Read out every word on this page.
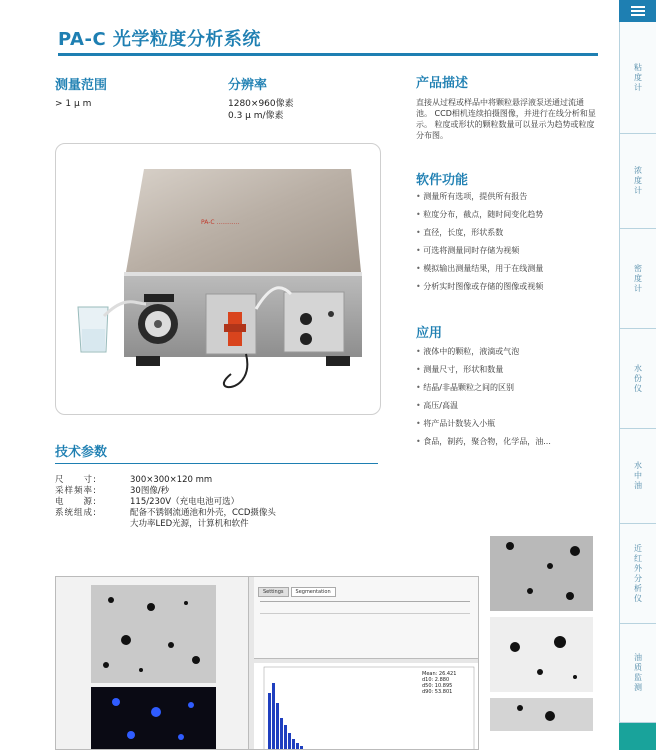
PA-C 光学粒度分析系统
测量范围
> 1 μ m
分辨率
1280×960像素
0.3 μ m/像素
PA-C ............
产品描述
直接从过程或样品中将颗粒悬浮液泵送通过流通池。 CCD相机连续拍摄图像，并进行在线分析和显示。 粒度或形状的颗粒数量可以显示为趋势或粒度分布图。
软件功能
• 测量所有选项，提供所有报告
• 粒度分布，截点，随时间变化趋势
• 直径，长度，形状系数
• 可选将测量同时存储为视频
• 模拟输出测量结果，用于在线测量
• 分析实时图像或存储的图像或视频
应用
• 液体中的颗粒，液滴或气泡
• 测量尺寸，形状和数量
• 结晶/非晶颗粒之间的区别
• 高压/高温
• 将产品计数装入小瓶
• 食品，制药，聚合物，化学品，油...
技术参数
尺　　寸:	300×300×120 mm
采样频率:	30图像/秒
电　　源:	115/230V（充电电池可选）
系统组成:	配备不锈钢流通池和外壳，CCD摄像头
大功率LED光源，计算机和软件
Settings	Segmentation
Mean: 26.421
d10: 2.880
d50: 10.895
d90: 53.801
粘度计
浓度计
密度计
水份仪
水中油
近红外分析仪
油质监测
